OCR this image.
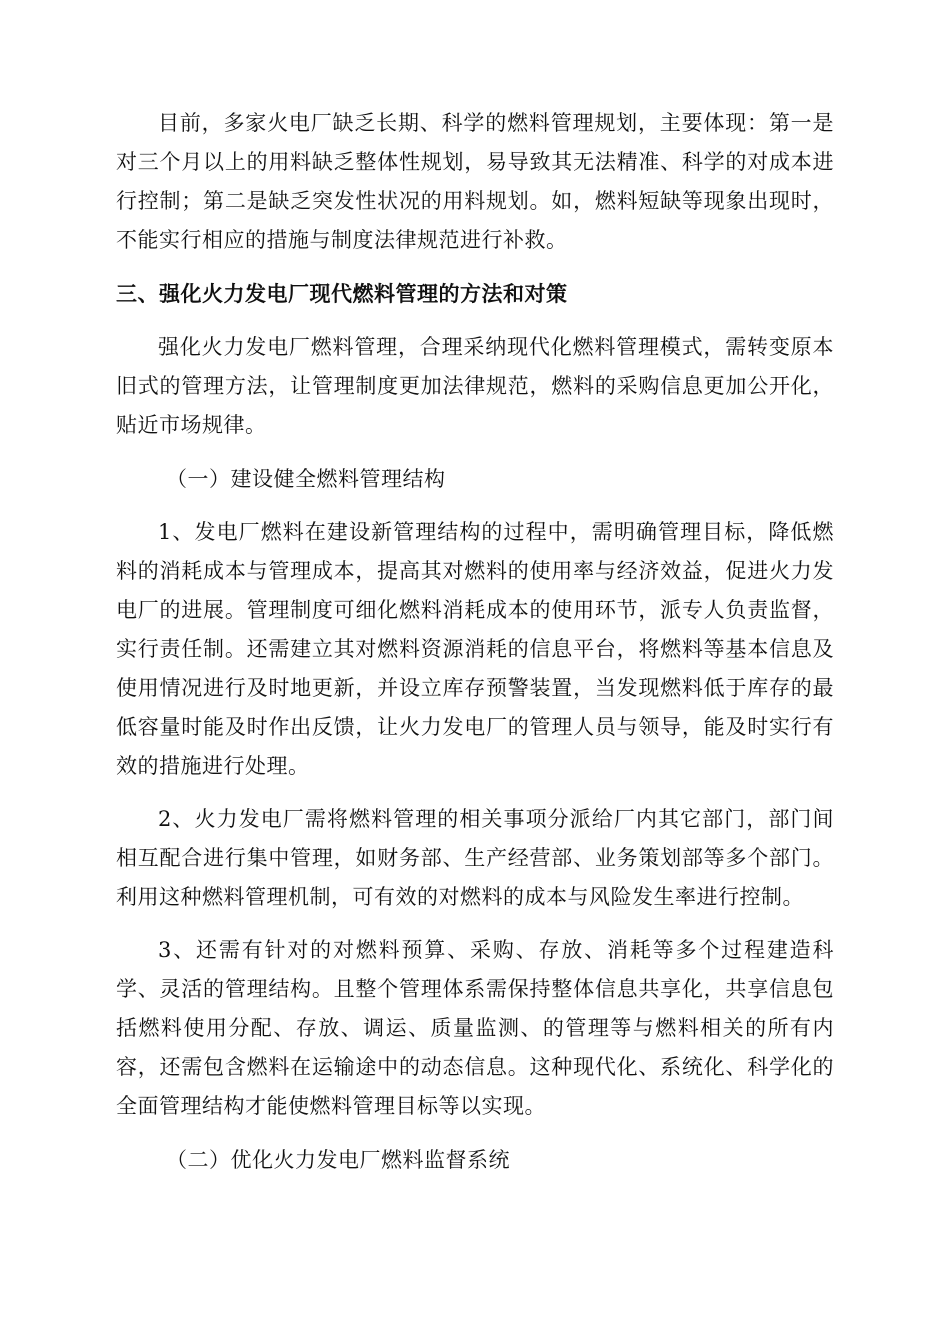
目前，多家火电厂缺乏长期、科学的燃料管理规划，主要体现：第一是对三个月以上的用料缺乏整体性规划，易导致其无法精准、科学的对成本进行控制；第二是缺乏突发性状况的用料规划。如，燃料短缺等现象出现时，不能实行相应的措施与制度法律规范进行补救。

三、强化火力发电厂现代燃料管理的方法和对策

强化火力发电厂燃料管理，合理采纳现代化燃料管理模式，需转变原本旧式的管理方法，让管理制度更加法律规范，燃料的采购信息更加公开化，贴近市场规律。

（一）建设健全燃料管理结构

1、发电厂燃料在建设新管理结构的过程中，需明确管理目标，降低燃料的消耗成本与管理成本，提高其对燃料的使用率与经济效益，促进火力发电厂的进展。管理制度可细化燃料消耗成本的使用环节，派专人负责监督，实行责任制。还需建立其对燃料资源消耗的信息平台，将燃料等基本信息及使用情况进行及时地更新，并设立库存预警装置，当发现燃料低于库存的最低容量时能及时作出反馈，让火力发电厂的管理人员与领导，能及时实行有效的措施进行处理。

2、火力发电厂需将燃料管理的相关事项分派给厂内其它部门，部门间相互配合进行集中管理，如财务部、生产经营部、业务策划部等多个部门。利用这种燃料管理机制，可有效的对燃料的成本与风险发生率进行控制。

3、还需有针对的对燃料预算、采购、存放、消耗等多个过程建造科学、灵活的管理结构。且整个管理体系需保持整体信息共享化，共享信息包括燃料使用分配、存放、调运、质量监测、的管理等与燃料相关的所有内容，还需包含燃料在运输途中的动态信息。这种现代化、系统化、科学化的全面管理结构才能使燃料管理目标等以实现。

（二）优化火力发电厂燃料监督系统
